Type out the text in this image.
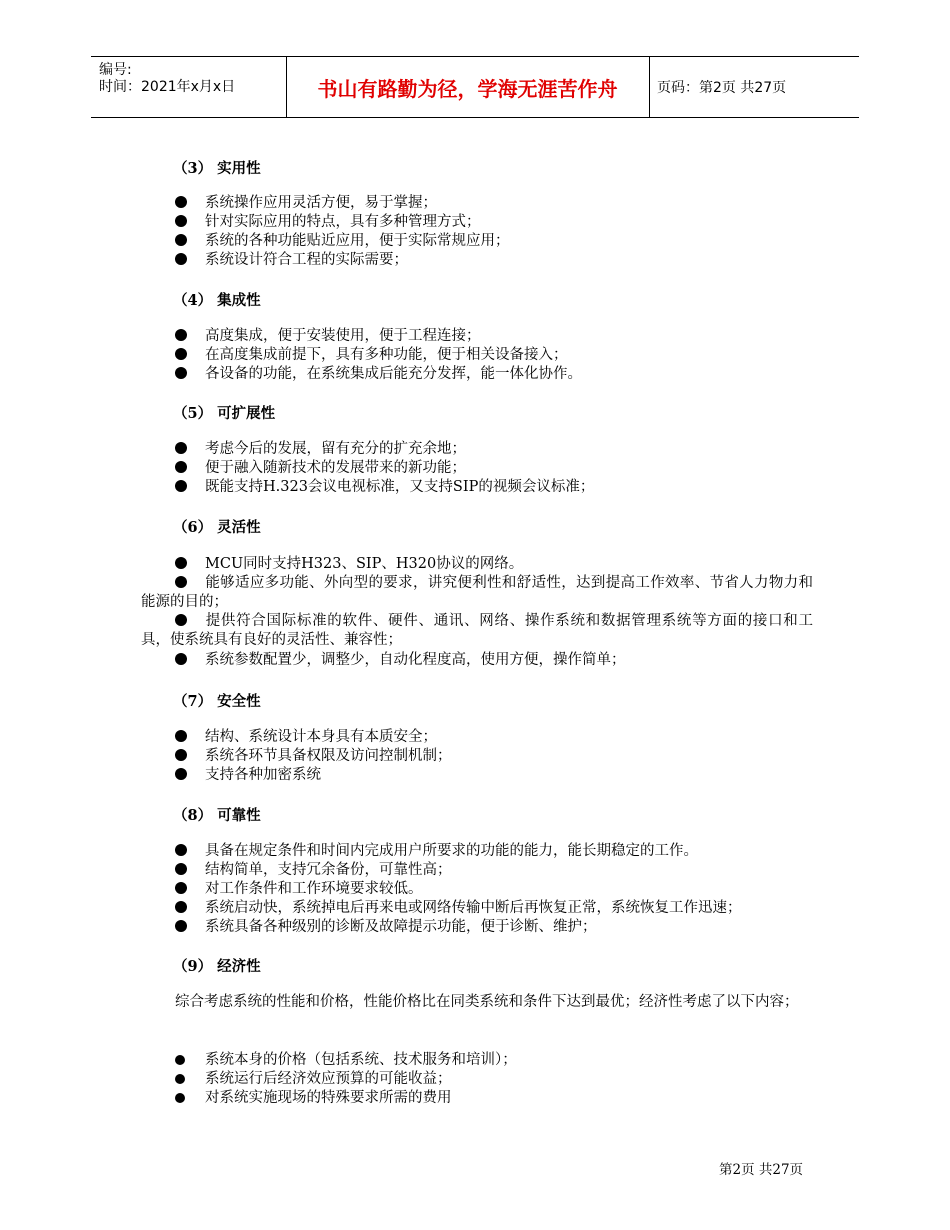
编号:
时间：2021年x月x日	书山有路勤为径，学海无涯苦作舟	页码：第2页 共27页
（3） 实用性
系统操作应用灵活方便，易于掌握；
针对实际应用的特点，具有多种管理方式；
系统的各种功能贴近应用，便于实际常规应用；
系统设计符合工程的实际需要；
（4） 集成性
高度集成，便于安装使用，便于工程连接；
在高度集成前提下，具有多种功能，便于相关设备接入；
各设备的功能，在系统集成后能充分发挥，能一体化协作。
（5） 可扩展性
考虑今后的发展，留有充分的扩充余地；
便于融入随新技术的发展带来的新功能；
既能支持H.323会议电视标准，又支持SIP的视频会议标准；
（6） 灵活性
MCU同时支持H323、SIP、H320协议的网络。
能够适应多功能、外向型的要求，讲究便利性和舒适性，达到提高工作效率、节省人力物力和能源的目的；
提供符合国际标准的软件、硬件、通讯、网络、操作系统和数据管理系统等方面的接口和工具，使系统具有良好的灵活性、兼容性；
系统参数配置少，调整少，自动化程度高，使用方便，操作简单；
（7） 安全性
结构、系统设计本身具有本质安全；
系统各环节具备权限及访问控制机制；
支持各种加密系统
（8） 可靠性
具备在规定条件和时间内完成用户所要求的功能的能力，能长期稳定的工作。
结构简单，支持冗余备份，可靠性高；
对工作条件和工作环境要求较低。
系统启动快，系统掉电后再来电或网络传输中断后再恢复正常，系统恢复工作迅速；
系统具备各种级别的诊断及故障提示功能，便于诊断、维护；
（9） 经济性
综合考虑系统的性能和价格，性能价格比在同类系统和条件下达到最优；经济性考虑了以下内容；
系统本身的价格（包括系统、技术服务和培训）；
系统运行后经济效应预算的可能收益；
对系统实施现场的特殊要求所需的费用
第2页 共27页
